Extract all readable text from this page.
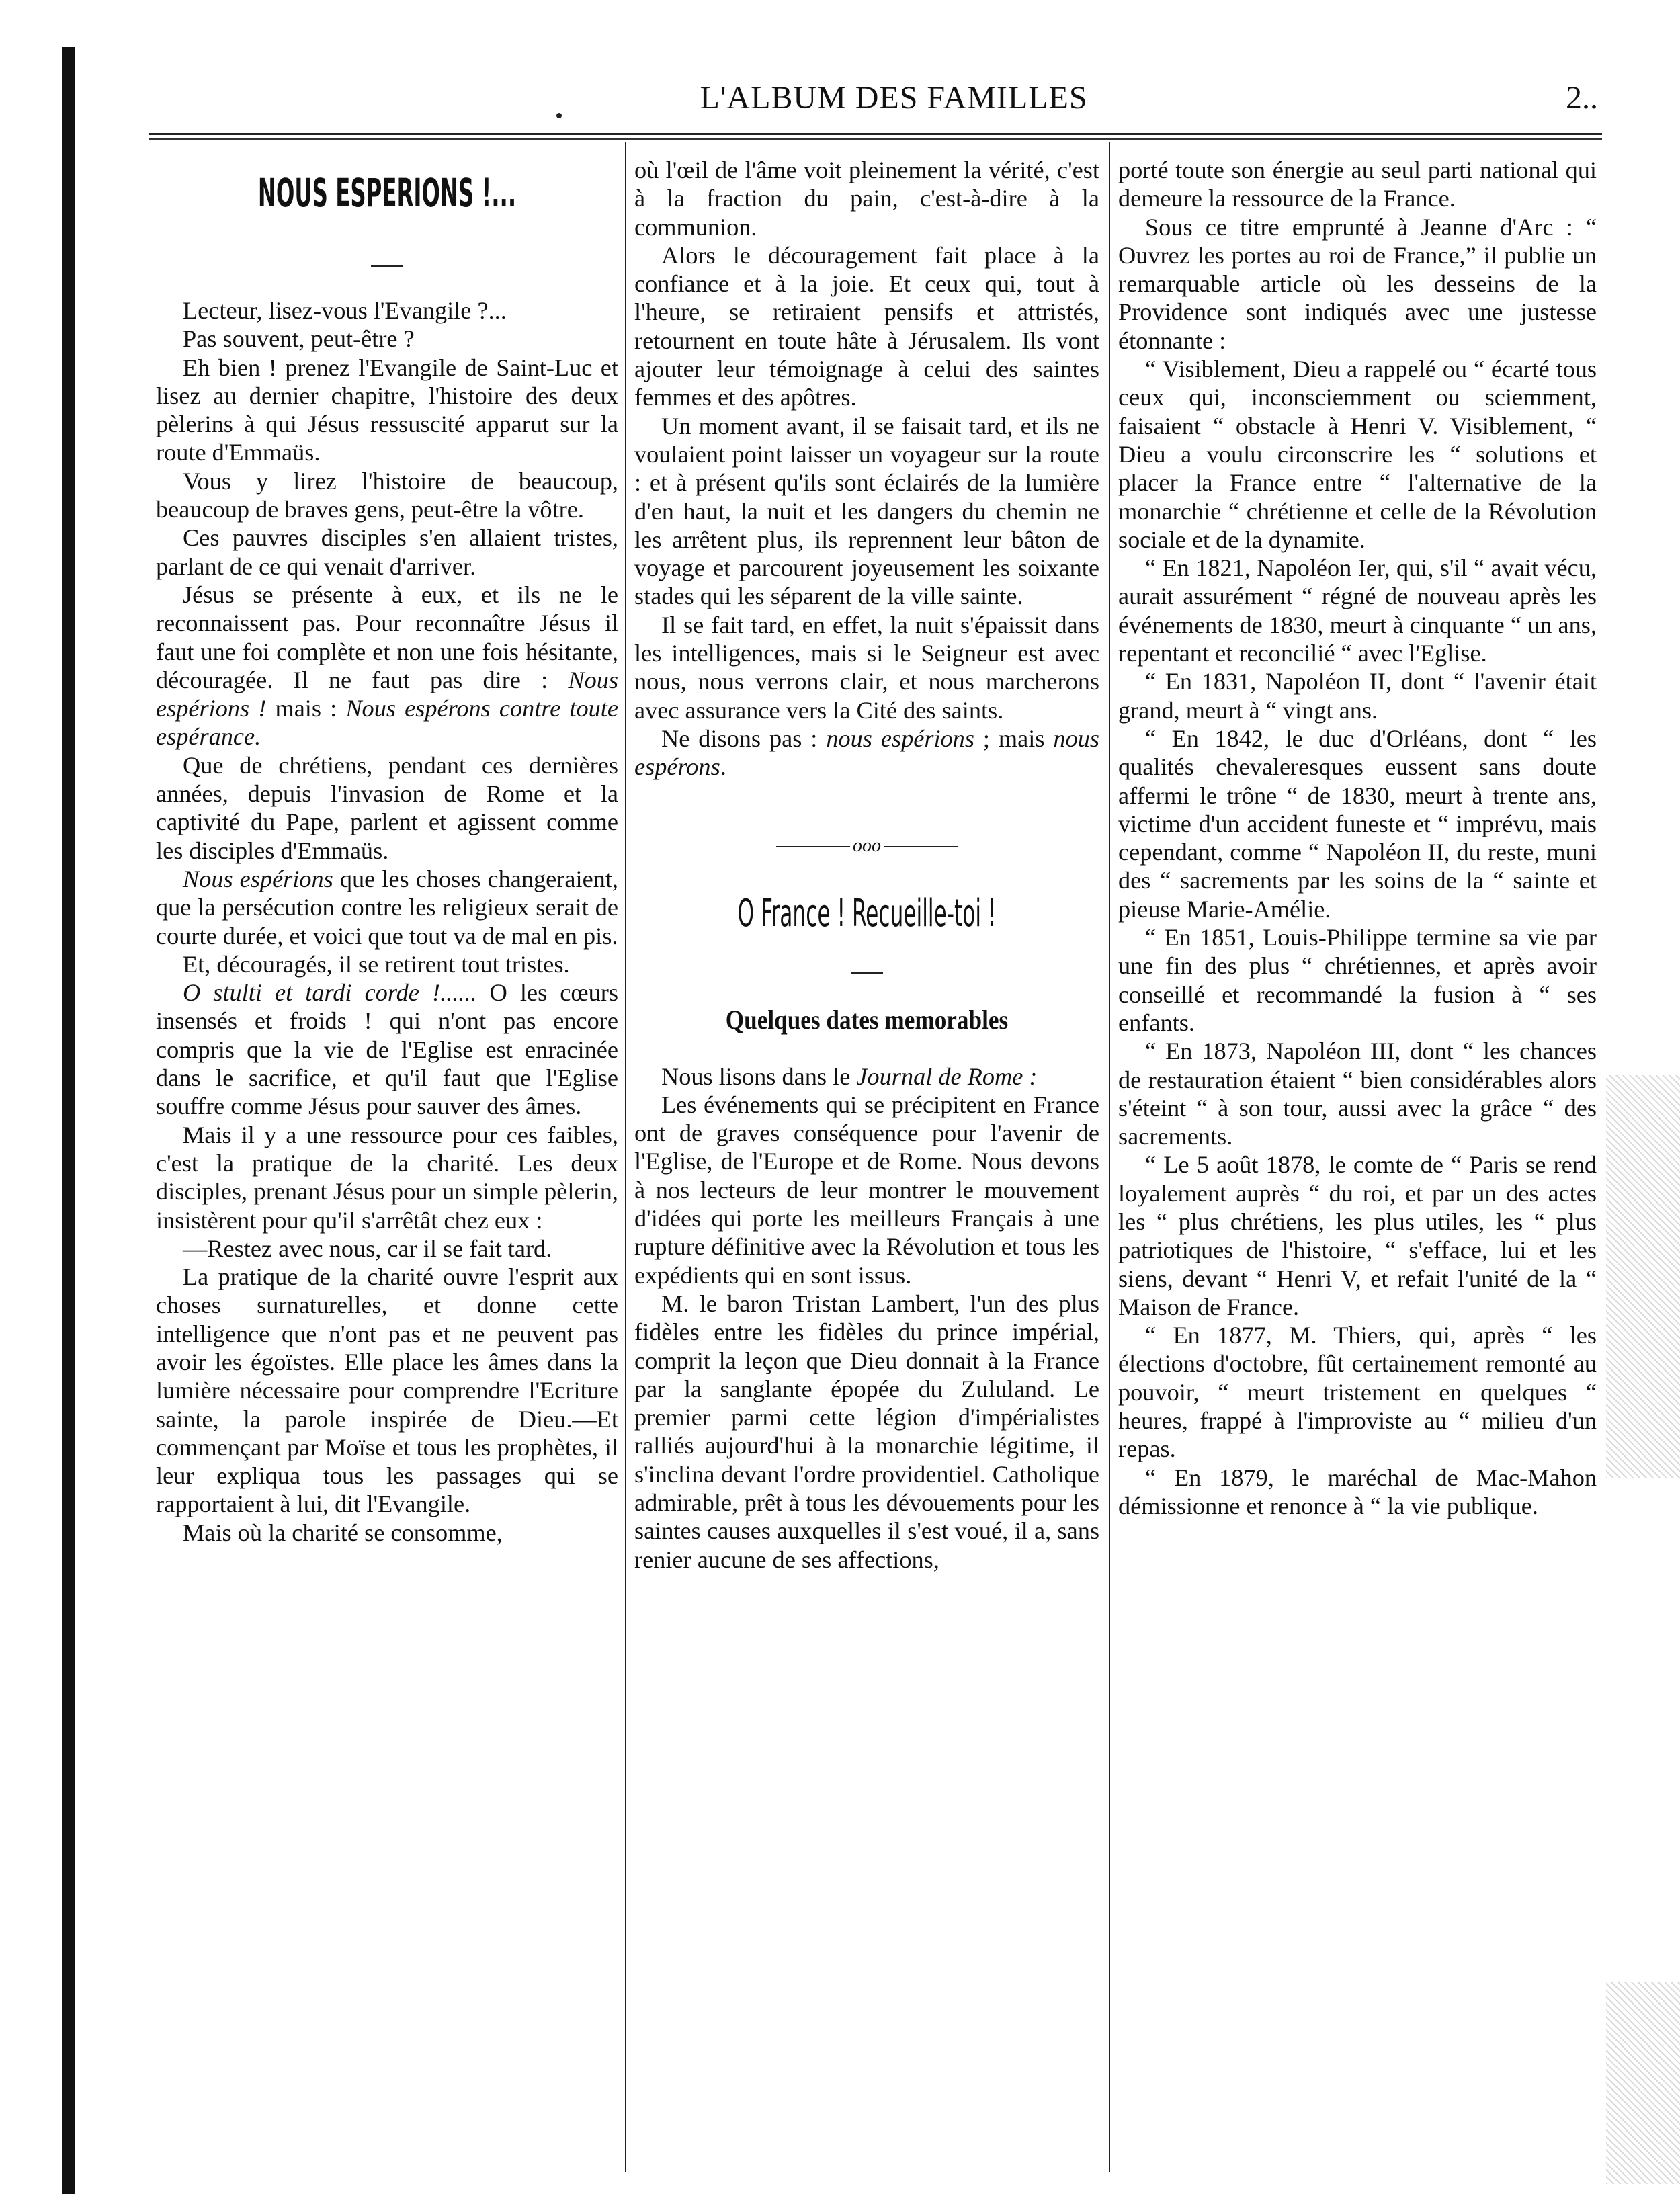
L'ALBUM DES FAMILLES	2..
NOUS ESPERIONS !...

Lecteur, lisez-vous l'Evangile ?...

Pas souvent, peut-être ?

Eh bien ! prenez l'Evangile de Saint-Luc et lisez au dernier chapitre, l'histoire des deux pèlerins à qui Jésus ressuscité apparut sur la route d'Emmaüs.

Vous y lirez l'histoire de beaucoup, beaucoup de braves gens, peut-être la vôtre.

Ces pauvres disciples s'en allaient tristes, parlant de ce qui venait d'arriver.

Jésus se présente à eux, et ils ne le reconnaissent pas. Pour reconnaître Jésus il faut une foi complète et non une fois hésitante, découragée. Il ne faut pas dire : Nous espérions ! mais : Nous espérons contre toute espérance.

Que de chrétiens, pendant ces dernières années, depuis l'invasion de Rome et la captivité du Pape, parlent et agissent comme les disciples d'Emmaüs.

Nous espérions que les choses changeraient, que la persécution contre les religieux serait de courte durée, et voici que tout va de mal en pis.

Et, découragés, il se retirent tout tristes.

O stulti et tardi corde !...... O les cœurs insensés et froids ! qui n'ont pas encore compris que la vie de l'Eglise est enracinée dans le sacrifice, et qu'il faut que l'Eglise souffre comme Jésus pour sauver des âmes.

Mais il y a une ressource pour ces faibles, c'est la pratique de la charité. Les deux disciples, prenant Jésus pour un simple pèlerin, insistèrent pour qu'il s'arrêtât chez eux :

—Restez avec nous, car il se fait tard.

La pratique de la charité ouvre l'esprit aux choses surnaturelles, et donne cette intelligence que n'ont pas et ne peuvent pas avoir les égoïstes. Elle place les âmes dans la lumière nécessaire pour comprendre l'Ecriture sainte, la parole inspirée de Dieu.—Et commençant par Moïse et tous les prophètes, il leur expliqua tous les passages qui se rapportaient à lui, dit l'Evangile.

Mais où la charité se consomme,

où l'œil de l'âme voit pleinement la vérité, c'est à la fraction du pain, c'est-à-dire à la communion.

Alors le découragement fait place à la confiance et à la joie. Et ceux qui, tout à l'heure, se retiraient pensifs et attristés, retournent en toute hâte à Jérusalem. Ils vont ajouter leur témoignage à celui des saintes femmes et des apôtres.

Un moment avant, il se faisait tard, et ils ne voulaient point laisser un voyageur sur la route : et à présent qu'ils sont éclairés de la lumière d'en haut, la nuit et les dangers du chemin ne les arrêtent plus, ils reprennent leur bâton de voyage et parcourent joyeusement les soixante stades qui les séparent de la ville sainte.

Il se fait tard, en effet, la nuit s'épaissit dans les intelligences, mais si le Seigneur est avec nous, nous verrons clair, et nous marcherons avec assurance vers la Cité des saints.

Ne disons pas : nous espérions ; mais nous espérons.

ooo
O France ! Recueille-toi !
Quelques dates memorables

Nous lisons dans le Journal de Rome :

Les événements qui se précipitent en France ont de graves conséquence pour l'avenir de l'Eglise, de l'Europe et de Rome. Nous devons à nos lecteurs de leur montrer le mouvement d'idées qui porte les meilleurs Français à une rupture définitive avec la Révolution et tous les expédients qui en sont issus.

M. le baron Tristan Lambert, l'un des plus fidèles entre les fidèles du prince impérial, comprit la leçon que Dieu donnait à la France par la sanglante épopée du Zululand. Le premier parmi cette légion d'impérialistes ralliés aujourd'hui à la monarchie légitime, il s'inclina devant l'ordre providentiel. Catholique admirable, prêt à tous les dévouements pour les saintes causes auxquelles il s'est voué, il a, sans renier aucune de ses affections,

porté toute son énergie au seul parti national qui demeure la ressource de la France.

Sous ce titre emprunté à Jeanne d'Arc : “ Ouvrez les portes au roi de France,” il publie un remarquable article où les desseins de la Providence sont indiqués avec une justesse étonnante :

“ Visiblement, Dieu a rappelé ou “ écarté tous ceux qui, inconsciemment ou sciemment, faisaient “ obstacle à Henri V. Visiblement, “ Dieu a voulu circonscrire les “ solutions et placer la France entre “ l'alternative de la monarchie “ chrétienne et celle de la Révolution sociale et de la dynamite.

“ En 1821, Napoléon Ier, qui, s'il “ avait vécu, aurait assurément “ régné de nouveau après les événements de 1830, meurt à cinquante “ un ans, repentant et reconcilié “ avec l'Eglise.

“ En 1831, Napoléon II, dont “ l'avenir était grand, meurt à “ vingt ans.

“ En 1842, le duc d'Orléans, dont “ les qualités chevaleresques eussent sans doute affermi le trône “ de 1830, meurt à trente ans, victime d'un accident funeste et “ imprévu, mais cependant, comme “ Napoléon II, du reste, muni des “ sacrements par les soins de la “ sainte et pieuse Marie-Amélie.

“ En 1851, Louis-Philippe termine sa vie par une fin des plus “ chrétiennes, et après avoir conseillé et recommandé la fusion à “ ses enfants.

“ En 1873, Napoléon III, dont “ les chances de restauration étaient “ bien considérables alors s'éteint “ à son tour, aussi avec la grâce “ des sacrements.

“ Le 5 août 1878, le comte de “ Paris se rend loyalement auprès “ du roi, et par un des actes les “ plus chrétiens, les plus utiles, les “ plus patriotiques de l'histoire, “ s'efface, lui et les siens, devant “ Henri V, et refait l'unité de la “ Maison de France.

“ En 1877, M. Thiers, qui, après “ les élections d'octobre, fût certainement remonté au pouvoir, “ meurt tristement en quelques “ heures, frappé à l'improviste au “ milieu d'un repas.

“ En 1879, le maréchal de Mac-Mahon démissionne et renonce à “ la vie publique.
